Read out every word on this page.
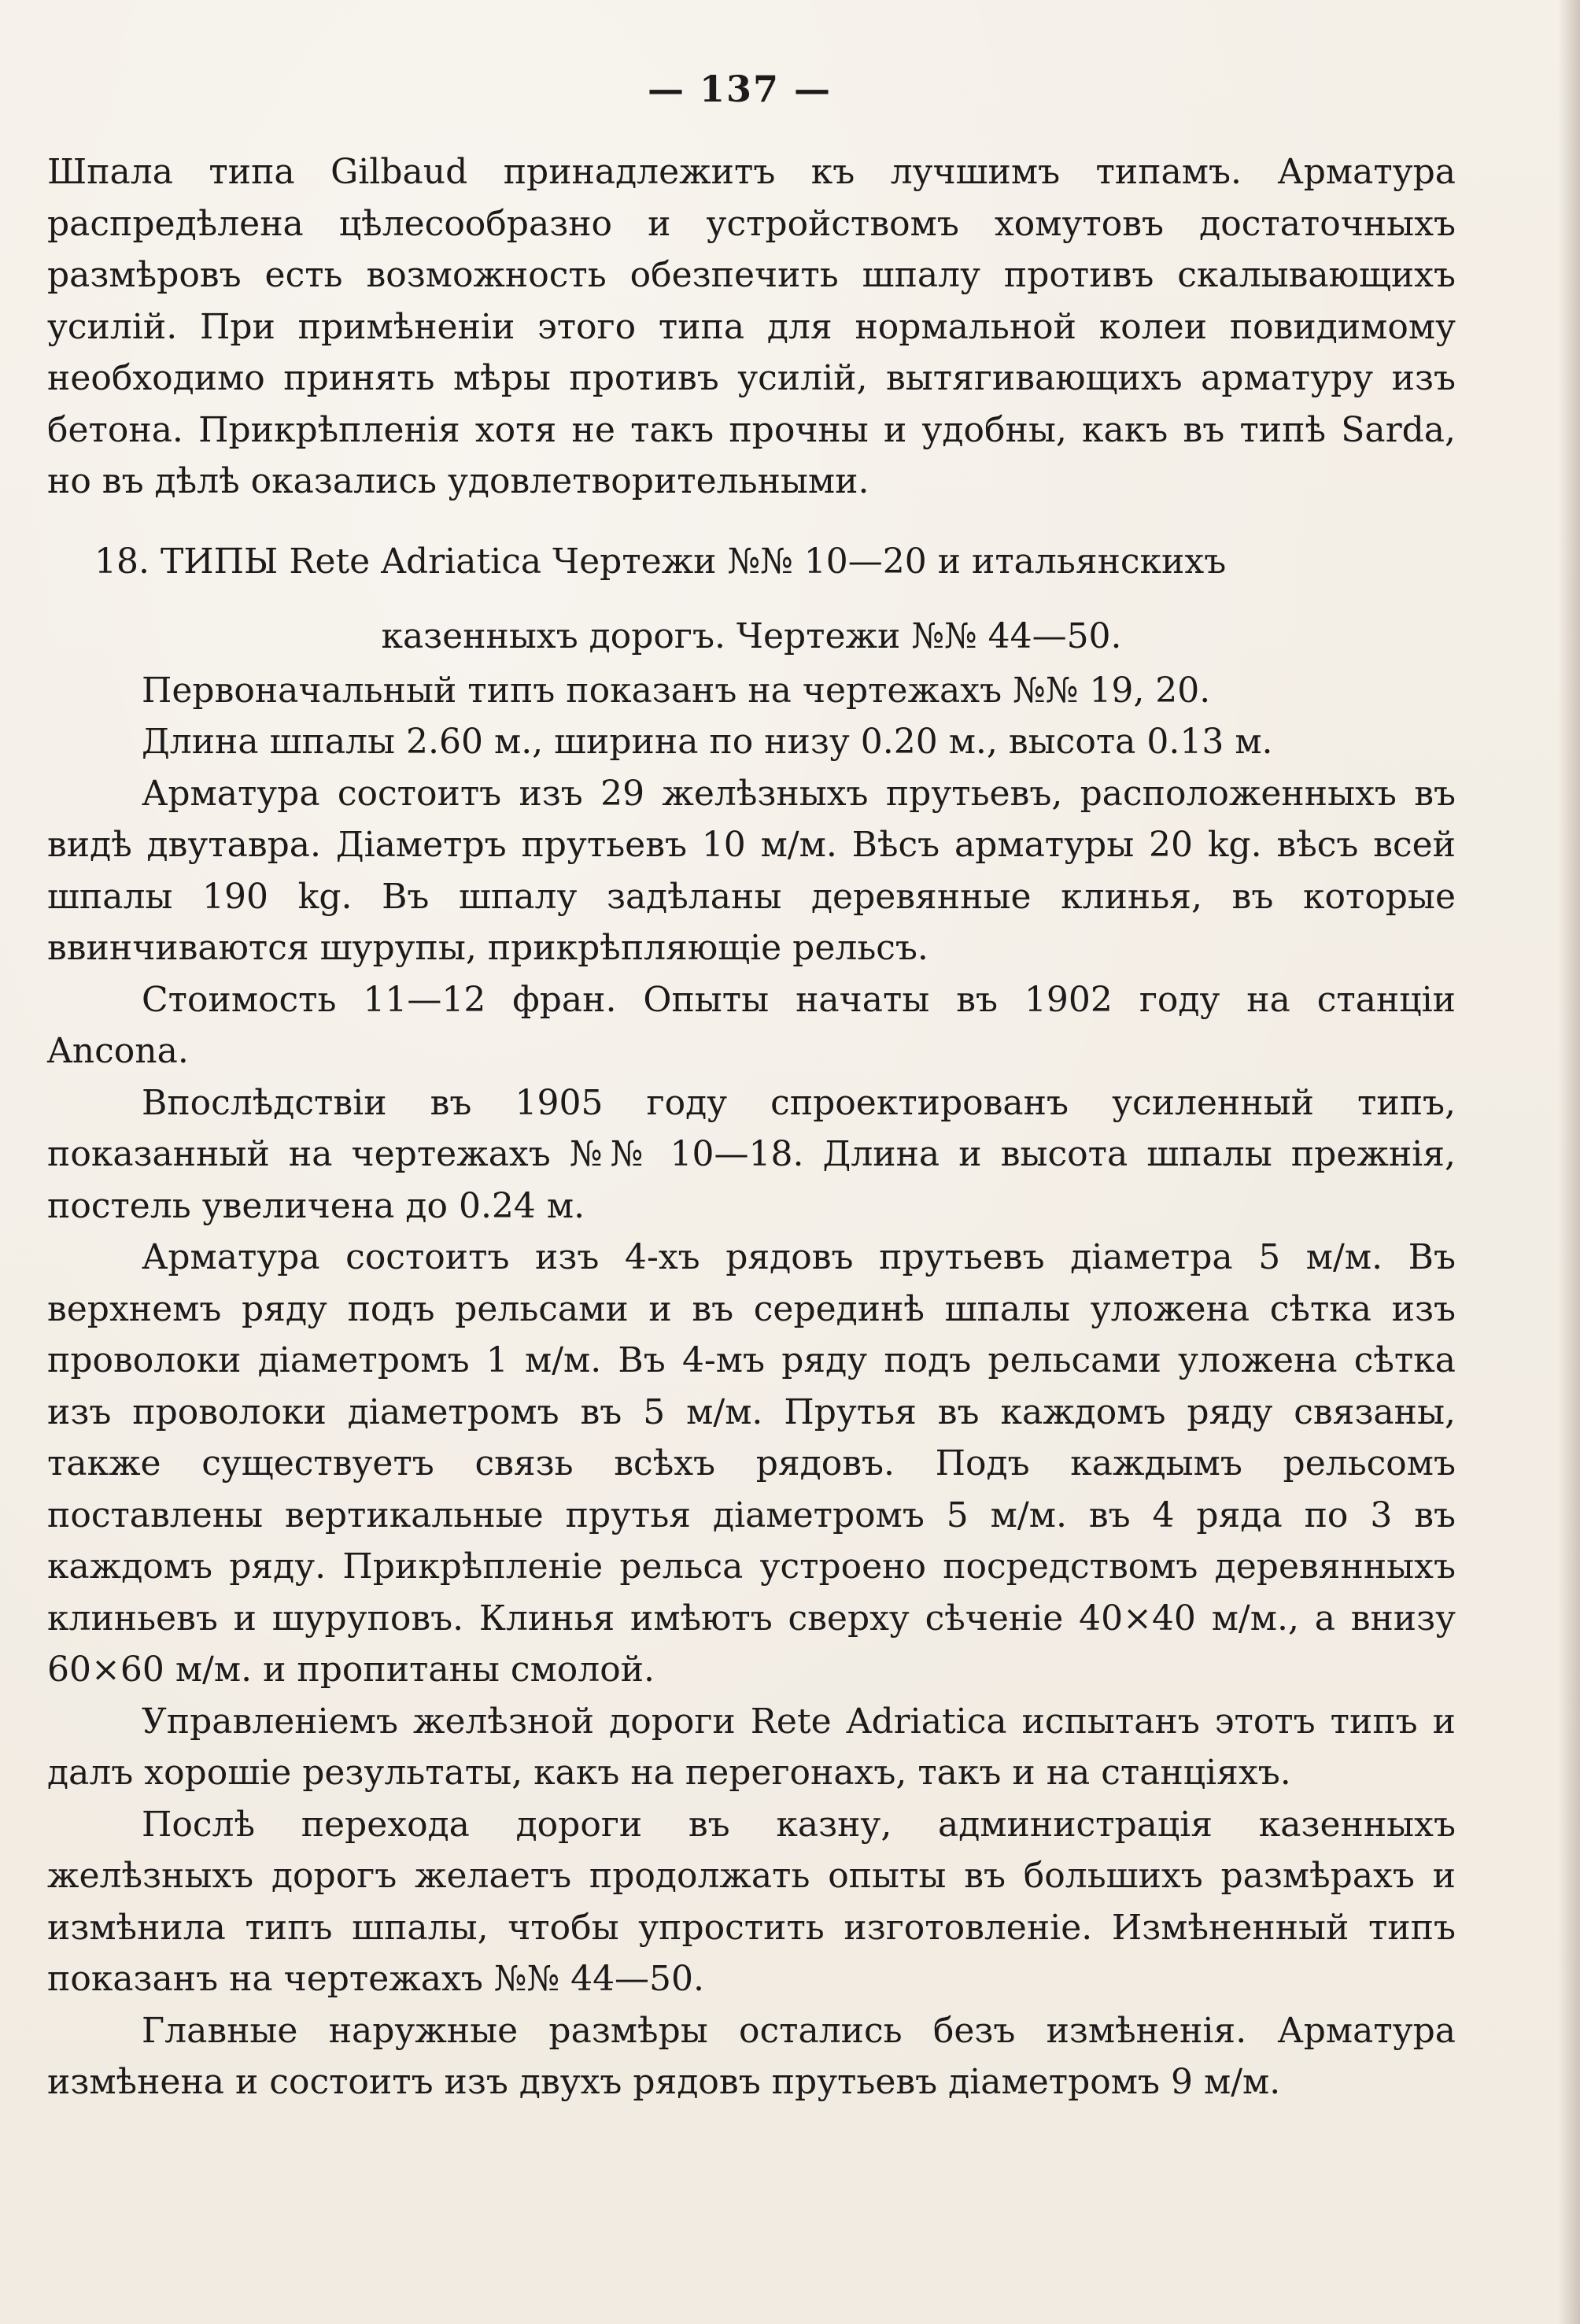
— 137 —

Шпала типа Gilbaud принадлежитъ къ лучшимъ типамъ. Арматура распредѣлена цѣлесообразно и устройствомъ хомутовъ достаточныхъ размѣровъ есть возможность обезпечить шпалу противъ скалывающихъ усилій. При примѣненіи этого типа для нормальной колеи повидимому необходимо принять мѣры противъ усилій, вытягивающихъ арматуру изъ бетона. Прикрѣпленія хотя не такъ прочны и удобны, какъ въ типѣ Sarda, но въ дѣлѣ оказались удовлетворительными.

18. ТИПЫ Rete Adriatica Чертежи №№ 10—20 и итальянскихъ

казенныхъ дорогъ. Чертежи №№ 44—50.

Первоначальный типъ показанъ на чертежахъ №№ 19, 20.

Длина шпалы 2.60 м., ширина по низу 0.20 м., высота 0.13 м.

Арматура состоитъ изъ 29 желѣзныхъ прутьевъ, расположенныхъ въ видѣ двутавра. Діаметръ прутьевъ 10 м/м. Вѣсъ арматуры 20 kg. вѣсъ всей шпалы 190 kg. Въ шпалу задѣланы деревянные клинья, въ которые ввинчиваются шурупы, прикрѣпляющіе рельсъ.

Стоимость 11—12 фран. Опыты начаты въ 1902 году на станціи Ancona.

Впослѣдствіи въ 1905 году спроектированъ усиленный типъ, показанный на чертежахъ №№ 10—18. Длина и высота шпалы прежнія, постель увеличена до 0.24 м.

Арматура состоитъ изъ 4-хъ рядовъ прутьевъ діаметра 5 м/м. Въ верхнемъ ряду подъ рельсами и въ серединѣ шпалы уложена сѣтка изъ проволоки діаметромъ 1 м/м. Въ 4-мъ ряду подъ рельсами уложена сѣтка изъ проволоки діаметромъ въ 5 м/м. Прутья въ каждомъ ряду связаны, также существуетъ связь всѣхъ рядовъ. Подъ каждымъ рельсомъ поставлены вертикальные прутья діаметромъ 5 м/м. въ 4 ряда по 3 въ каждомъ ряду. Прикрѣпленіе рельса устроено посредствомъ деревянныхъ клиньевъ и шуруповъ. Клинья имѣютъ сверху сѣченіе 40×40 м/м., а внизу 60×60 м/м. и пропитаны смолой.

Управленіемъ желѣзной дороги Rete Adriatica испытанъ этотъ типъ и далъ хорошіе результаты, какъ на перегонахъ, такъ и на станціяхъ.

Послѣ перехода дороги въ казну, администрація казенныхъ желѣзныхъ дорогъ желаетъ продолжать опыты въ большихъ размѣрахъ и измѣнила типъ шпалы, чтобы упростить изготовленіе. Измѣненный типъ показанъ на чертежахъ №№ 44—50.

Главные наружные размѣры остались безъ измѣненія. Арматура измѣнена и состоитъ изъ двухъ рядовъ прутьевъ діаметромъ 9 м/м.
